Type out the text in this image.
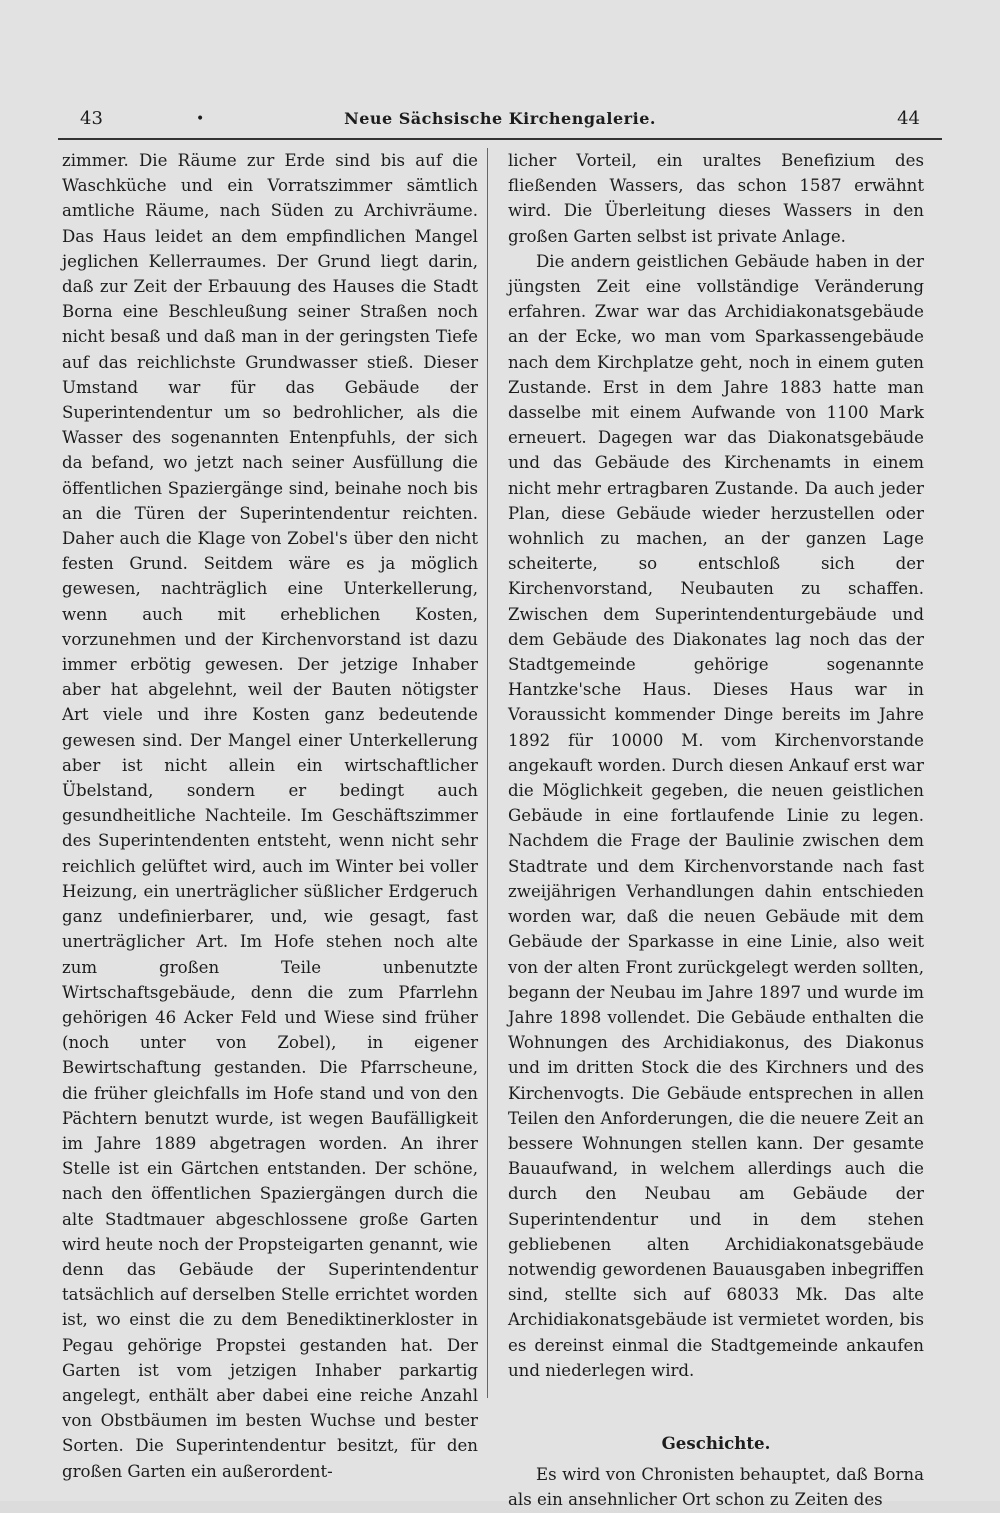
43	•	Neue Sächsische Kirchengalerie.	44

zimmer. Die Räume zur Erde sind bis auf die Waschküche und ein Vorratszimmer sämtlich amtliche Räume, nach Süden zu Archivräume. Das Haus leidet an dem empfindlichen Mangel jeglichen Kellerraumes. Der Grund liegt darin, daß zur Zeit der Erbauung des Hauses die Stadt Borna eine Beschleußung seiner Straßen noch nicht besaß und daß man in der geringsten Tiefe auf das reichlichste Grundwasser stieß. Dieser Umstand war für das Gebäude der Superintendentur um so bedrohlicher, als die Wasser des sogenannten Entenpfuhls, der sich da befand, wo jetzt nach seiner Ausfüllung die öffentlichen Spaziergänge sind, beinahe noch bis an die Türen der Superintendentur reichten. Daher auch die Klage von Zobel's über den nicht festen Grund. Seitdem wäre es ja möglich gewesen, nachträglich eine Unterkellerung, wenn auch mit erheblichen Kosten, vorzunehmen und der Kirchenvorstand ist dazu immer erbötig gewesen. Der jetzige Inhaber aber hat abgelehnt, weil der Bauten nötigster Art viele und ihre Kosten ganz bedeutende gewesen sind. Der Mangel einer Unterkellerung aber ist nicht allein ein wirtschaftlicher Übelstand, sondern er bedingt auch gesundheitliche Nachteile. Im Geschäftszimmer des Superintendenten entsteht, wenn nicht sehr reichlich gelüftet wird, auch im Winter bei voller Heizung, ein unerträglicher süßlicher Erdgeruch ganz undefinierbarer, und, wie gesagt, fast unerträglicher Art. Im Hofe stehen noch alte zum großen Teile unbenutzte Wirtschaftsgebäude, denn die zum Pfarrlehn gehörigen 46 Acker Feld und Wiese sind früher (noch unter von Zobel), in eigener Bewirtschaftung gestanden. Die Pfarrscheune, die früher gleichfalls im Hofe stand und von den Pächtern benutzt wurde, ist wegen Baufälligkeit im Jahre 1889 abgetragen worden. An ihrer Stelle ist ein Gärtchen entstanden. Der schöne, nach den öffentlichen Spaziergängen durch die alte Stadtmauer abgeschlossene große Garten wird heute noch der Propsteigarten genannt, wie denn das Gebäude der Superintendentur tatsächlich auf derselben Stelle errichtet worden ist, wo einst die zu dem Benediktinerkloster in Pegau gehörige Propstei gestanden hat. Der Garten ist vom jetzigen Inhaber parkartig angelegt, enthält aber dabei eine reiche Anzahl von Obstbäumen im besten Wuchse und bester Sorten. Die Superintendentur besitzt, für den großen Garten ein außerordent-

licher Vorteil, ein uraltes Benefizium des fließenden Wassers, das schon 1587 erwähnt wird. Die Überleitung dieses Wassers in den großen Garten selbst ist private Anlage.

Die andern geistlichen Gebäude haben in der jüngsten Zeit eine vollständige Veränderung erfahren. Zwar war das Archidiakonatsgebäude an der Ecke, wo man vom Sparkassengebäude nach dem Kirchplatze geht, noch in einem guten Zustande. Erst in dem Jahre 1883 hatte man dasselbe mit einem Aufwande von 1100 Mark erneuert. Dagegen war das Diakonatsgebäude und das Gebäude des Kirchenamts in einem nicht mehr ertragbaren Zustande. Da auch jeder Plan, diese Gebäude wieder herzustellen oder wohnlich zu machen, an der ganzen Lage scheiterte, so entschloß sich der Kirchenvorstand, Neubauten zu schaffen. Zwischen dem Superintendenturgebäude und dem Gebäude des Diakonates lag noch das der Stadtgemeinde gehörige sogenannte Hantzke'sche Haus. Dieses Haus war in Voraussicht kommender Dinge bereits im Jahre 1892 für 10000 M. vom Kirchenvorstande angekauft worden. Durch diesen Ankauf erst war die Möglichkeit gegeben, die neuen geistlichen Gebäude in eine fortlaufende Linie zu legen. Nachdem die Frage der Baulinie zwischen dem Stadtrate und dem Kirchenvorstande nach fast zweijährigen Verhandlungen dahin entschieden worden war, daß die neuen Gebäude mit dem Gebäude der Sparkasse in eine Linie, also weit von der alten Front zurückgelegt werden sollten, begann der Neubau im Jahre 1897 und wurde im Jahre 1898 vollendet. Die Gebäude enthalten die Wohnungen des Archidiakonus, des Diakonus und im dritten Stock die des Kirchners und des Kirchenvogts. Die Gebäude entsprechen in allen Teilen den Anforderungen, die die neuere Zeit an bessere Wohnungen stellen kann. Der gesamte Bauaufwand, in welchem allerdings auch die durch den Neubau am Gebäude der Superintendentur und in dem stehen gebliebenen alten Archidiakonatsgebäude notwendig gewordenen Bauausgaben inbegriffen sind, stellte sich auf 68033 Mk. Das alte Archidiakonatsgebäude ist vermietet worden, bis es dereinst einmal die Stadtgemeinde ankaufen und niederlegen wird.

Geschichte.

Es wird von Chronisten behauptet, daß Borna als ein ansehnlicher Ort schon zu Zeiten des
